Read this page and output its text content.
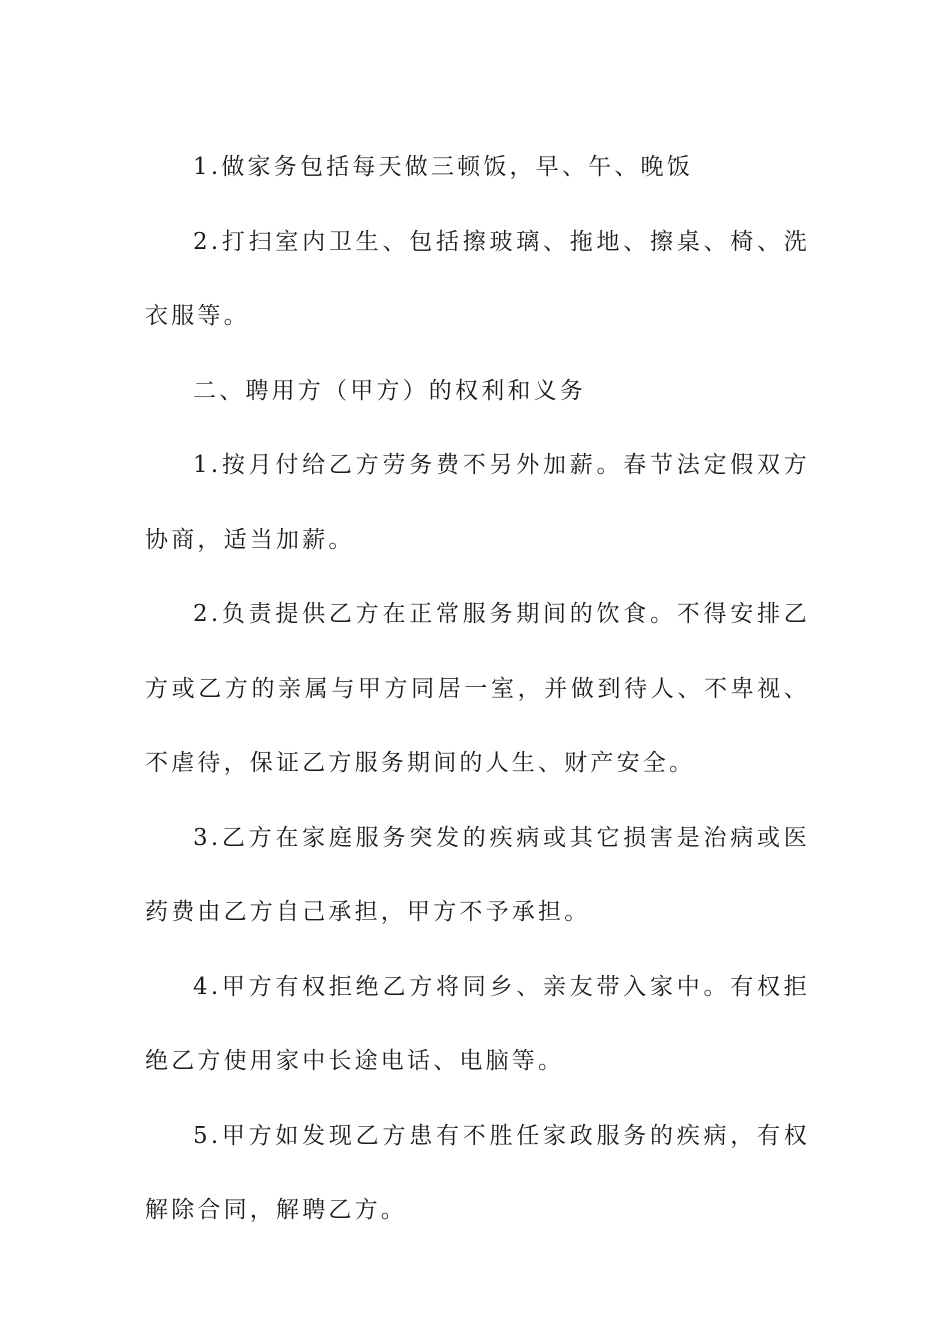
1.做家务包括每天做三顿饭，早、午、晚饭

2.打扫室内卫生、包括擦玻璃、拖地、擦桌、椅、洗衣服等。

二、聘用方（甲方）的权利和义务

1.按月付给乙方劳务费不另外加薪。春节法定假双方协商，适当加薪。

2.负责提供乙方在正常服务期间的饮食。不得安排乙方或乙方的亲属与甲方同居一室，并做到待人、不卑视、不虐待，保证乙方服务期间的人生、财产安全。

3.乙方在家庭服务突发的疾病或其它损害是治病或医药费由乙方自己承担，甲方不予承担。

4.甲方有权拒绝乙方将同乡、亲友带入家中。有权拒绝乙方使用家中长途电话、电脑等。

5.甲方如发现乙方患有不胜任家政服务的疾病，有权解除合同，解聘乙方。
